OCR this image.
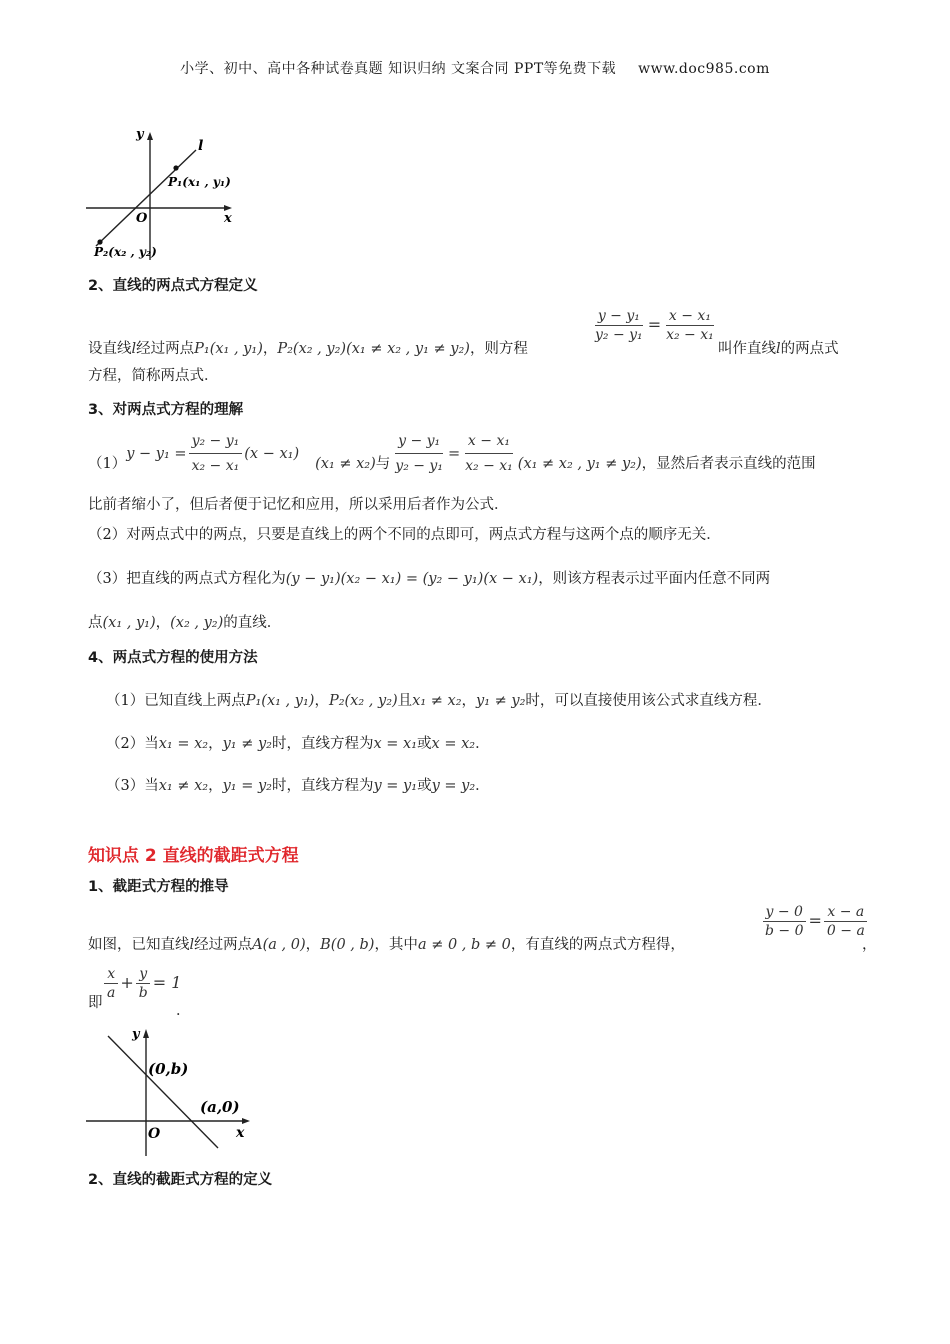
小学、初中、高中各种试卷真题 知识归纳 文案合同 PPT等免费下载 www.doc985.com
y
x
O
l
P₁(x₁ , y₁)
P₂(x₂ , y₂)
2、直线的两点式方程定义
设直线l经过两点P₁(x₁ , y₁)，P₂(x₂ , y₂)(x₁ ≠ x₂ , y₁ ≠ y₂)，则方程
$\frac{\text{y − y₁}}{\text{y₂ − y₁}} = \frac{\text{x − x₁}}{\text{x₂ − x₁}}$
叫作直线l的两点式
方程，简称两点式．
3、对两点式方程的理解
（1）
$y - y_1 = \frac{\text{y₂ − y₁}}{\text{x₂ − x₁}} (x - x_1)$
(x₁ ≠ x₂) 与 $\frac{\text{y − y₁}}{\text{y₂ − y₁}} = \frac{\text{x − x₁}}{\text{x₂ − x₁}} (x_1 \ne x_2$ , y₁ ≠ y₂) ，显然后者表示直线的范围
比前者缩小了，但后者便于记忆和应用，所以采用后者作为公式．
（2）对两点式中的两点，只要是直线上的两个不同的点即可，两点式方程与这两个点的顺序无关．
（3）把直线的两点式方程化为(y − y₁)(x₂ − x₁) = (y₂ − y₁)(x − x₁)，则该方程表示过平面内任意不同两
点(x₁ , y₁)，(x₂ , y₂)的直线．
4、两点式方程的使用方法
（1）已知直线上两点P₁(x₁ , y₁)，P₂(x₂ , y₂)且x₁ ≠ x₂，y₁ ≠ y₂时，可以直接使用该公式求直线方程．
（2）当x₁ = x₂，y₁ ≠ y₂时，直线方程为x = x₁或x = x₂．
（3）当x₁ ≠ x₂，y₁ = y₂时，直线方程为y = y₁或y = y₂．
知识点 2 直线的截距式方程
1、截距式方程的推导
如图，已知直线l经过两点A(a , 0)，B(0 , b)，其中a ≠ 0 , b ≠ 0，有直线的两点式方程得，
$\frac{y - 0}{b - 0} = \frac{x - a}{0 - a}$
，
即
$\frac{x}{a} + \frac{y}{b} = 1$
．
y
x
O
(0,b)
(a,0)
2、直线的截距式方程的定义
